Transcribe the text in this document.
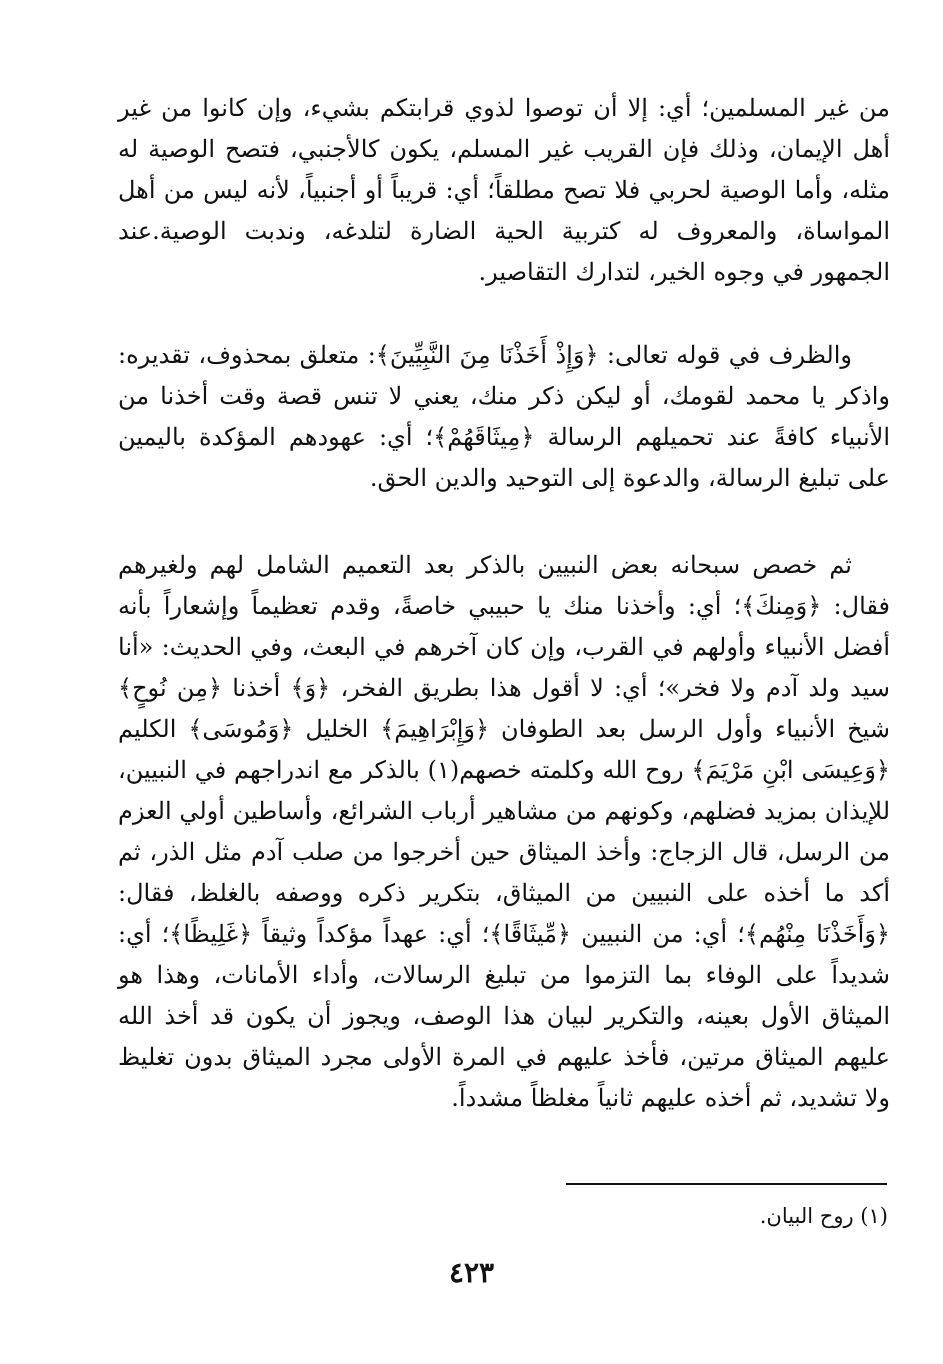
من غير المسلمين؛ أي: إلا أن توصوا لذوي قرابتكم بشيء، وإن كانوا من غير أهل الإيمان، وذلك فإن القريب غير المسلم، يكون كالأجنبي، فتصح الوصية له مثله، وأما الوصية لحربي فلا تصح مطلقاً؛ أي: قريباً أو أجنبياً، لأنه ليس من أهل المواساة، والمعروف له كتربية الحية الضارة لتلدغه، وندبت الوصية.عند الجمهور في وجوه الخير، لتدارك التقاصير.

والظرف في قوله تعالى: ﴿وَإِذْ أَخَذْنَا مِنَ النَّبِيِّينَ﴾: متعلق بمحذوف، تقديره: واذكر يا محمد لقومك، أو ليكن ذكر منك، يعني لا تنس قصة وقت أخذنا من الأنبياء كافةً عند تحميلهم الرسالة ﴿مِيثَاقَهُمْ﴾؛ أي: عهودهم المؤكدة باليمين على تبليغ الرسالة، والدعوة إلى التوحيد والدين الحق.

ثم خصص سبحانه بعض النبيين بالذكر بعد التعميم الشامل لهم ولغيرهم فقال: ﴿وَمِنكَ﴾؛ أي: وأخذنا منك يا حبيبي خاصةً، وقدم تعظيماً وإشعاراً بأنه أفضل الأنبياء وأولهم في القرب، وإن كان آخرهم في البعث، وفي الحديث: «أنا سيد ولد آدم ولا فخر»؛ أي: لا أقول هذا بطريق الفخر، ﴿وَ﴾ أخذنا ﴿مِن نُوحٍ﴾ شيخ الأنبياء وأول الرسل بعد الطوفان ﴿وَإِبْرَاهِيمَ﴾ الخليل ﴿وَمُوسَى﴾ الكليم ﴿وَعِيسَى ابْنِ مَرْيَمَ﴾ روح الله وكلمته خصهم(١) بالذكر مع اندراجهم في النبيين، للإيذان بمزيد فضلهم، وكونهم من مشاهير أرباب الشرائع، وأساطين أولي العزم من الرسل، قال الزجاج: وأخذ الميثاق حين أخرجوا من صلب آدم مثل الذر، ثم أكد ما أخذه على النبيين من الميثاق، بتكرير ذكره ووصفه بالغلظ، فقال: ﴿وَأَخَذْنَا مِنْهُم﴾؛ أي: من النبيين ﴿مِّيثَاقًا﴾؛ أي: عهداً مؤكداً وثيقاً ﴿غَلِيظًا﴾؛ أي: شديداً على الوفاء بما التزموا من تبليغ الرسالات، وأداء الأمانات، وهذا هو الميثاق الأول بعينه، والتكرير لبيان هذا الوصف، ويجوز أن يكون قد أخذ الله عليهم الميثاق مرتين، فأخذ عليهم في المرة الأولى مجرد الميثاق بدون تغليظ ولا تشديد، ثم أخذه عليهم ثانياً مغلظاً مشدداً.

(١) روح البيان.
٤٢٣
